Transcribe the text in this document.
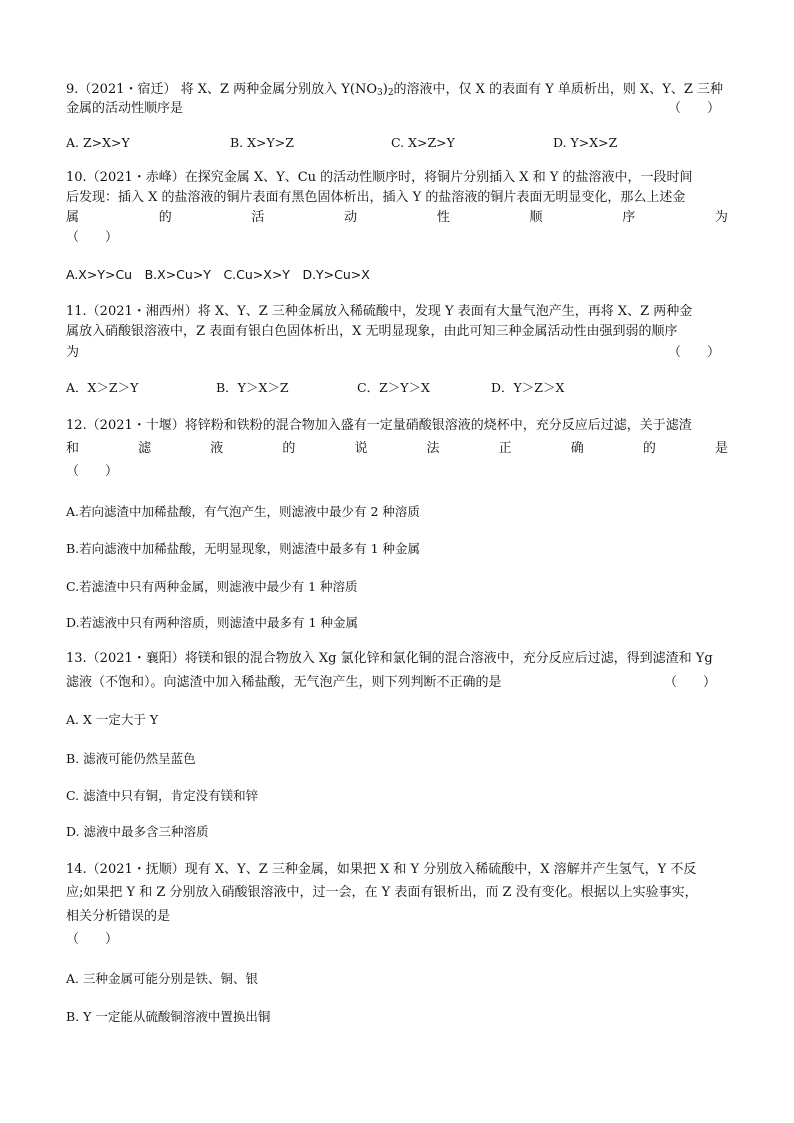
9.（2021・宿迁） 将 X、Z 两种金属分别放入 $Y(NO_3)_2$的溶液中，仅 X 的表面有 Y 单质析出，则 X、Y、Z 三种
金属的活动性顺序是	（　　）
A. Z>X>Y	B. X>Y>Z	C. X>Z>Y	D. Y>X>Z
10.（2021・赤峰）在探究金属 X、Y、Cu 的活动性顺序时，将铜片分别插入 X 和 Y 的盐溶液中，一段时间
后发现：插入 X 的盐溶液的铜片表面有黑色固体析出，插入 Y 的盐溶液的铜片表面无明显变化，那么上述金
属	的	活	动	性	顺	序	为
（　　）
A.X>Y>Cu　B.X>Cu>Y　C.Cu>X>Y　D.Y>Cu>X
11.（2021・湘西州）将 X、Y、Z 三种金属放入稀硫酸中，发现 Y 表面有大量气泡产生，再将 X、Z 两种金
属放入硝酸银溶液中，Z 表面有银白色固体析出，X 无明显现象，由此可知三种金属活动性由强到弱的顺序
为	（　　）
A．X＞Z＞Y	B．Y＞X＞Z	C．Z＞Y＞X	D．Y＞Z＞X
12.（2021・十堰）将锌粉和铁粉的混合物加入盛有一定量硝酸银溶液的烧杯中，充分反应后过滤，关于滤渣
和	滤	液	的	说	法	正	确	的	是
（　　）
A.若向滤渣中加稀盐酸，有气泡产生，则滤液中最少有 2 种溶质
B.若向滤液中加稀盐酸，无明显现象，则滤渣中最多有 1 种金属
C.若滤渣中只有两种金属，则滤液中最少有 1 种溶质
D.若滤液中只有两种溶质，则滤渣中最多有 1 种金属
13.（2021・襄阳）将镁和银的混合物放入 Xg 氯化锌和氯化铜的混合溶液中，充分反应后过滤，得到滤渣和 Yg
滤液（不饱和）。向滤渣中加入稀盐酸，无气泡产生，则下列判断不正确的是	（　　）
A. X 一定大于 Y
B. 滤液可能仍然呈蓝色
C. 滤渣中只有铜，肯定没有镁和锌
D. 滤液中最多含三种溶质
14.（2021・抚顺）现有 X、Y、Z 三种金属，如果把 X 和 Y 分别放入稀硫酸中，X 溶解并产生氢气，Y 不反
应;如果把 Y 和 Z 分别放入硝酸银溶液中，过一会，在 Y 表面有银析出，而 Z 没有变化。根据以上实验事实，
相关分析错误的是
（　　）
A. 三种金属可能分别是铁、铜、银
B. Y 一定能从硫酸铜溶液中置换出铜
